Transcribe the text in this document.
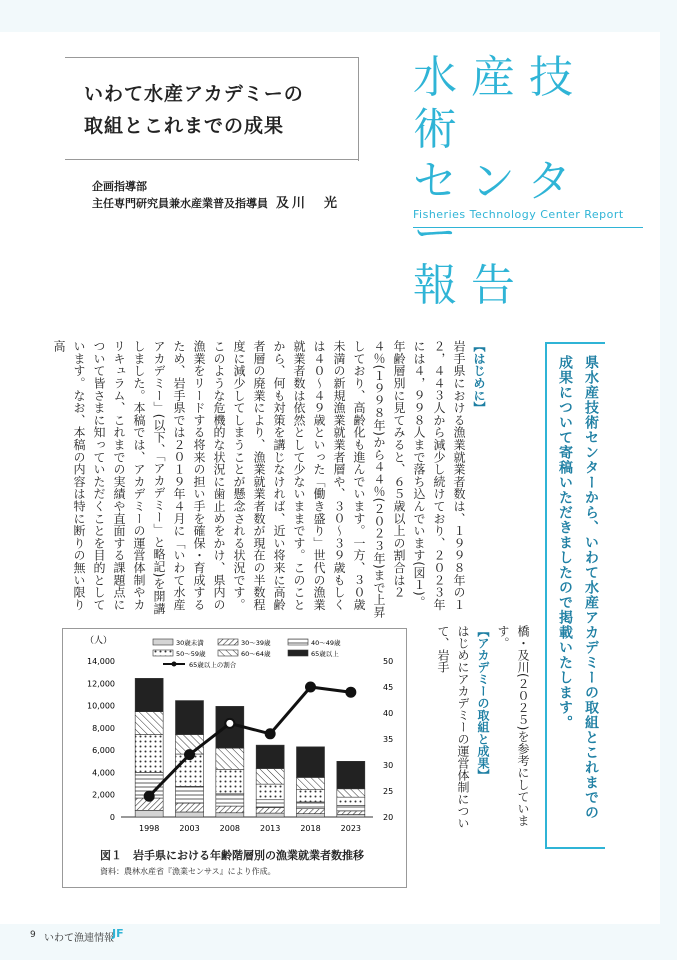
いわて水産アカデミーの
取組とこれまでの成果
企画指導部
主任専門研究員兼水産業普及指導員 及川　光
水産技術
センター
報告
Fisheries Technology Center Report
県水産技術センターから、いわて水産アカデミーの取組とこれまでの成果について寄稿いただきましたので掲載いたします。
【はじめに】
岩手県における漁業就業者数は、１９９８年の１２，４４３人から減少し続けており、２０２３年には４，９９８人まで落ち込んでいます(図１)。年齢層別に見てみると、６５歳以上の割合は２４％(１９９８年)から４４％(２０２３年)まで上昇しており、高齢化も進んでいます。一方、３０歳未満の新規漁業就業者層や、３０～３９歳もしくは４０～４９歳といった「働き盛り」世代の漁業就業者数は依然として少ないままです。このことから、何も対策を講じなければ、近い将来に高齢者層の廃業により、漁業就業者数が現在の半数程度に減少してしまうことが懸念される状況です。
このような危機的な状況に歯止めをかけ、県内の漁業をリードする将来の担い手を確保・育成するため、岩手県では２０１９年４月に「いわて水産アカデミー」(以下、「アカデミー」と略記)を開講しました。本稿では、アカデミーの運営体制やカリキュラム、これまでの実績や直面する課題点について皆さまに知っていただくことを目的としています。なお、本稿の内容は特に断りの無い限り高
橋・及川(２０２５)を参考にしています。
【アカデミーの取組と成果】
はじめにアカデミーの運営体制について、岩手
（人）
0
2,000
4,000
6,000
8,000
10,000
12,000
14,000
20
25
30
35
40
45
50
1998 2003 2008 2013 2018 2023
30歳未満	30～39歳	40～49歳
50～59歳	60～64歳	65歳以上
65歳以上の割合
図１　岩手県における年齢階層別の漁業就業者数推移
資料：農林水産省『漁業センサス』により作成。
9 いわて漁連情報
JF
